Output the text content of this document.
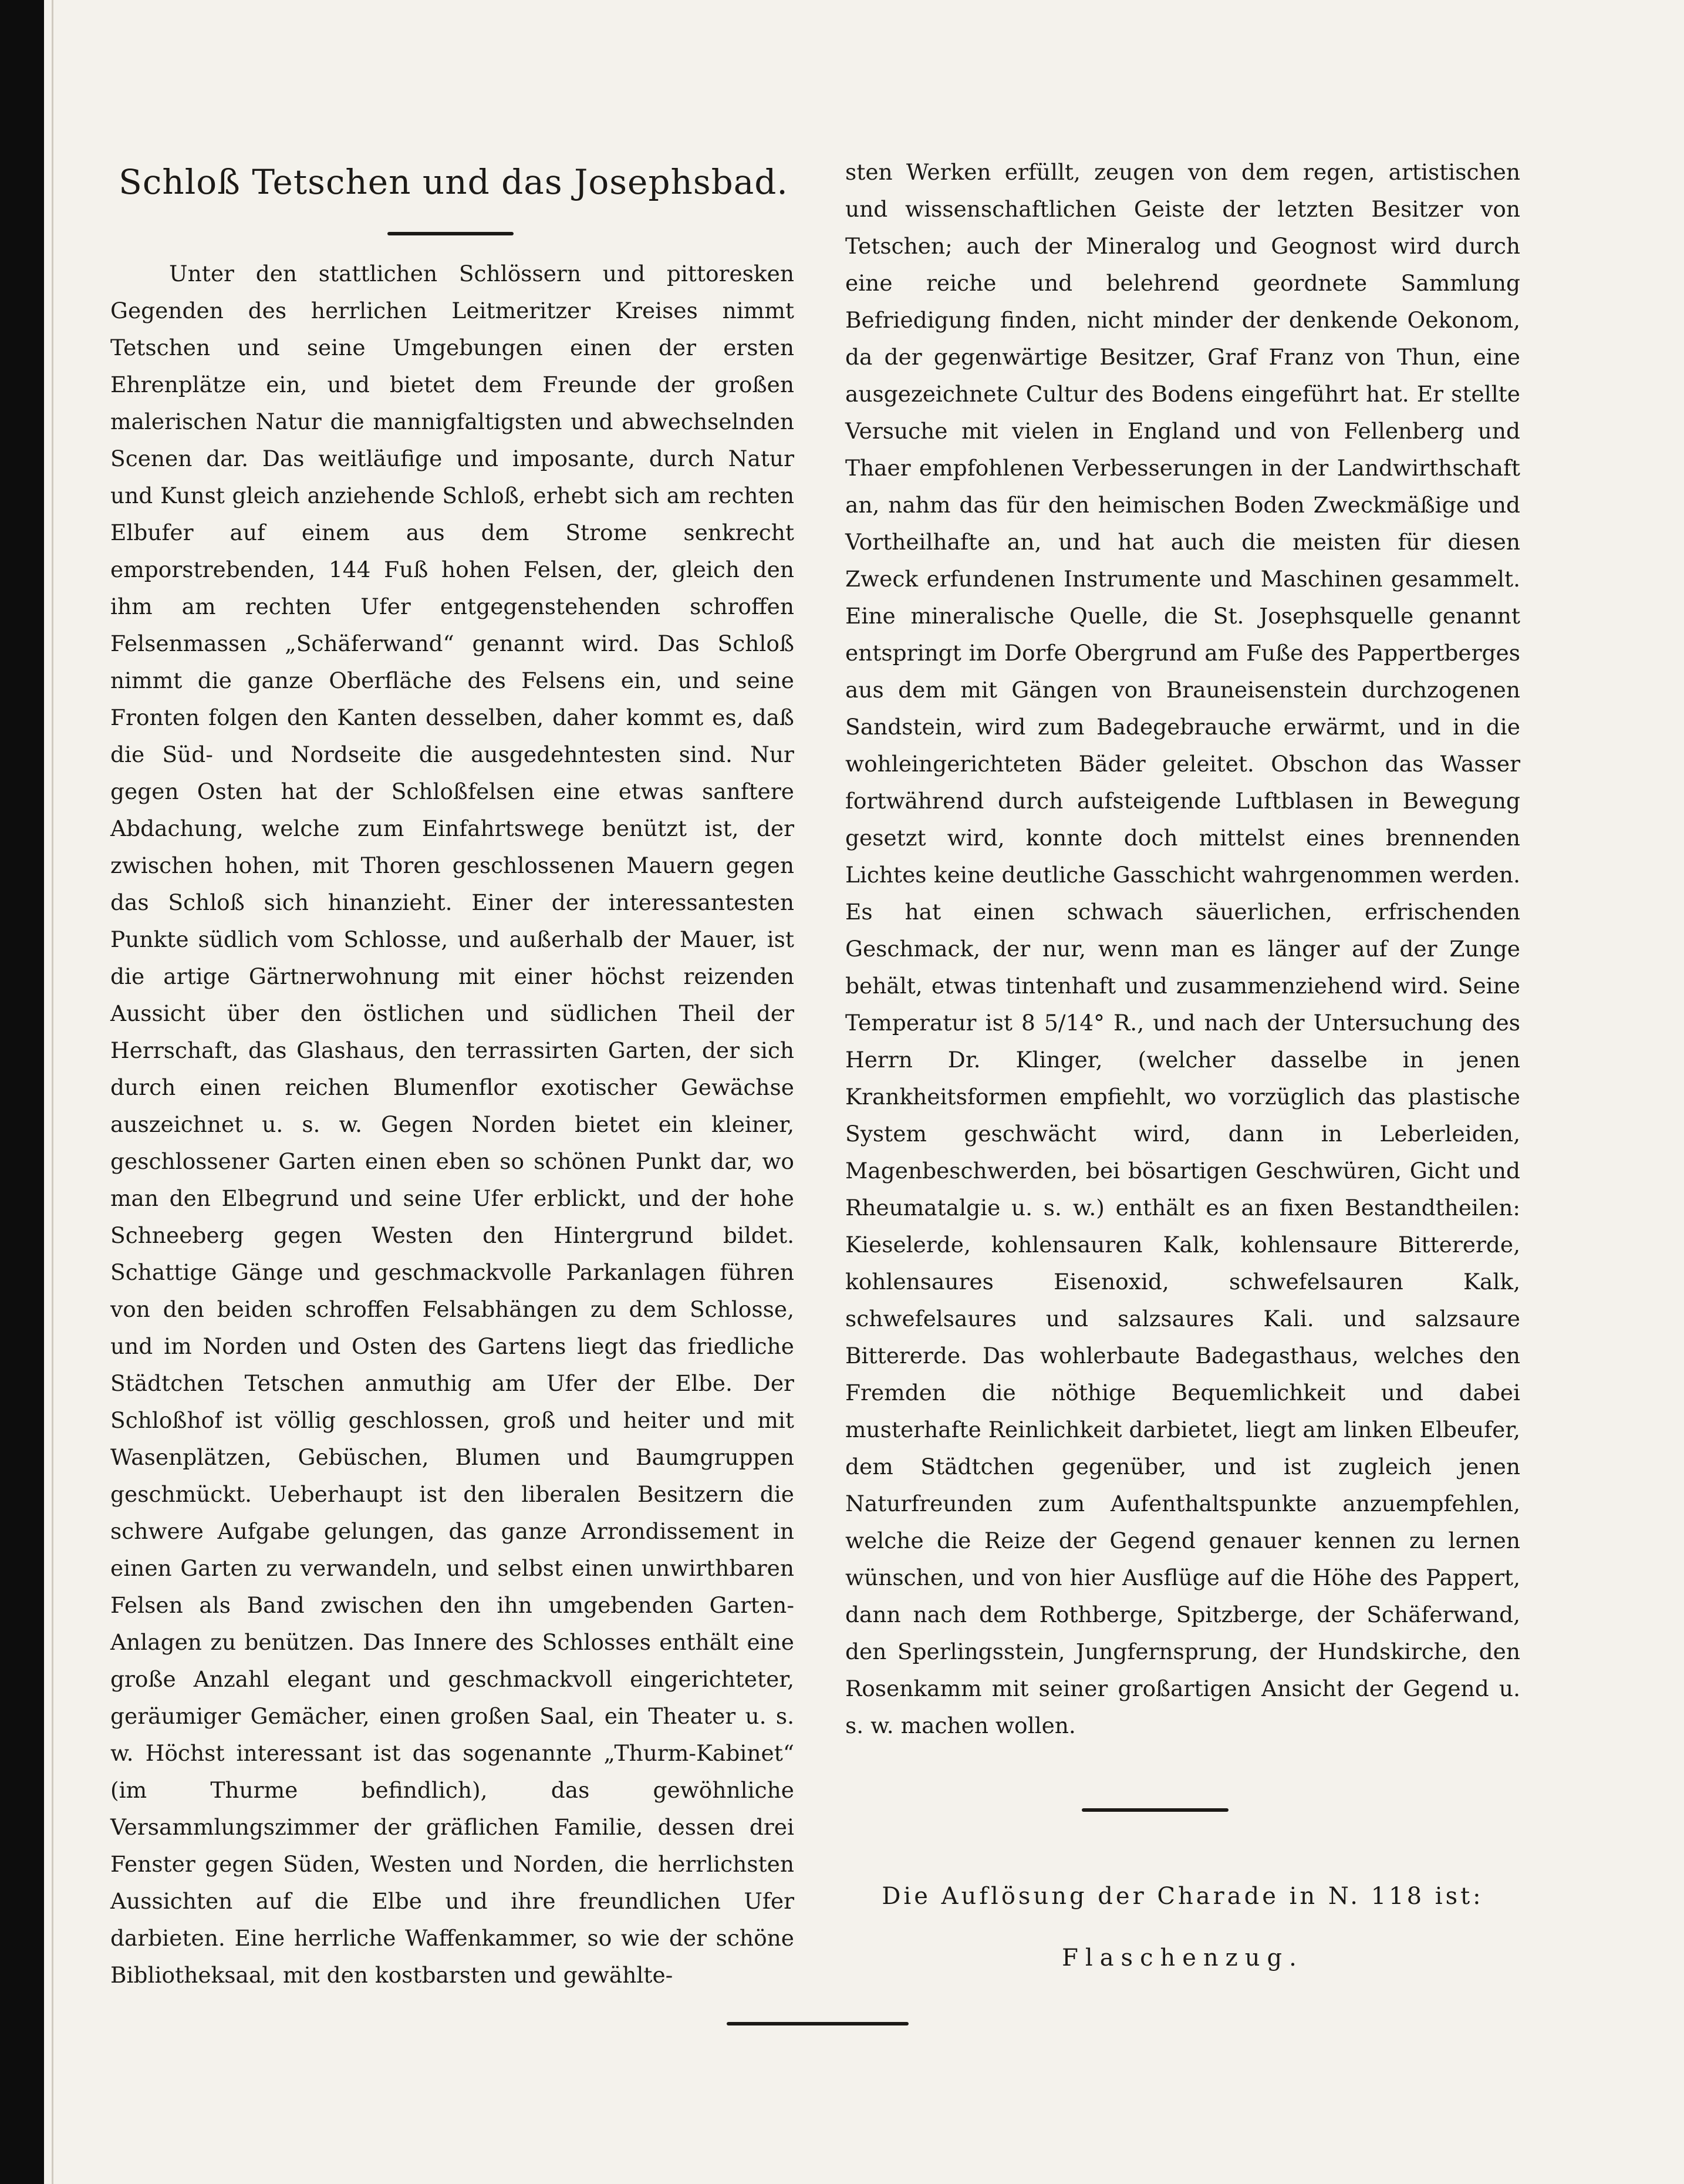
Schloß Tetschen und das Josephsbad.

Unter den stattlichen Schlössern und pittoresken Gegenden des herrlichen Leitmeritzer Kreises nimmt Tetschen und seine Umgebungen einen der ersten Ehrenplätze ein, und bietet dem Freunde der großen malerischen Natur die mannigfaltigsten und abwechselnden Scenen dar. Das weitläufige und imposante, durch Natur und Kunst gleich anziehende Schloß, erhebt sich am rechten Elbufer auf einem aus dem Strome senkrecht emporstrebenden, 144 Fuß hohen Felsen, der, gleich den ihm am rechten Ufer entgegenstehenden schroffen Felsenmassen „Schäferwand“ genannt wird. Das Schloß nimmt die ganze Oberfläche des Felsens ein, und seine Fronten folgen den Kanten desselben, daher kommt es, daß die Süd- und Nordseite die ausgedehntesten sind. Nur gegen Osten hat der Schloßfelsen eine etwas sanftere Abdachung, welche zum Einfahrtswege benützt ist, der zwischen hohen, mit Thoren geschlossenen Mauern gegen das Schloß sich hinanzieht. Einer der interessantesten Punkte südlich vom Schlosse, und außerhalb der Mauer, ist die artige Gärtnerwohnung mit einer höchst reizenden Aussicht über den östlichen und südlichen Theil der Herrschaft, das Glashaus, den terrassirten Garten, der sich durch einen reichen Blumenflor exotischer Gewächse auszeichnet u. s. w. Gegen Norden bietet ein kleiner, geschlossener Garten einen eben so schönen Punkt dar, wo man den Elbegrund und seine Ufer erblickt, und der hohe Schneeberg gegen Westen den Hintergrund bildet. Schattige Gänge und geschmackvolle Parkanlagen führen von den beiden schroffen Felsabhängen zu dem Schlosse, und im Norden und Osten des Gartens liegt das friedliche Städtchen Tetschen anmuthig am Ufer der Elbe. Der Schloßhof ist völlig geschlossen, groß und heiter und mit Wasenplätzen, Gebüschen, Blumen und Baumgruppen geschmückt. Ueberhaupt ist den liberalen Besitzern die schwere Aufgabe gelungen, das ganze Arrondissement in einen Garten zu verwandeln, und selbst einen unwirthbaren Felsen als Band zwischen den ihn umgebenden Garten-Anlagen zu benützen. Das Innere des Schlosses enthält eine große Anzahl elegant und geschmackvoll eingerichteter, geräumiger Gemächer, einen großen Saal, ein Theater u. s. w. Höchst interessant ist das sogenannte „Thurm-Kabinet“ (im Thurme befindlich), das gewöhnliche Versammlungszimmer der gräflichen Familie, dessen drei Fenster gegen Süden, Westen und Norden, die herrlichsten Aussichten auf die Elbe und ihre freundlichen Ufer darbieten. Eine herrliche Waffenkammer, so wie der schöne Bibliotheksaal, mit den kostbarsten und gewählte-

sten Werken erfüllt, zeugen von dem regen, artistischen und wissenschaftlichen Geiste der letzten Besitzer von Tetschen; auch der Mineralog und Geognost wird durch eine reiche und belehrend geordnete Sammlung Befriedigung finden, nicht minder der denkende Oekonom, da der gegenwärtige Besitzer, Graf Franz von Thun, eine ausgezeichnete Cultur des Bodens eingeführt hat. Er stellte Versuche mit vielen in England und von Fellenberg und Thaer empfohlenen Verbesserungen in der Landwirthschaft an, nahm das für den heimischen Boden Zweckmäßige und Vortheilhafte an, und hat auch die meisten für diesen Zweck erfundenen Instrumente und Maschinen gesammelt. Eine mineralische Quelle, die St. Josephsquelle genannt entspringt im Dorfe Obergrund am Fuße des Pappertberges aus dem mit Gängen von Brauneisenstein durchzogenen Sandstein, wird zum Badegebrauche erwärmt, und in die wohleingerichteten Bäder geleitet. Obschon das Wasser fortwährend durch aufsteigende Luftblasen in Bewegung gesetzt wird, konnte doch mittelst eines brennenden Lichtes keine deutliche Gasschicht wahrgenommen werden. Es hat einen schwach säuerlichen, erfrischenden Geschmack, der nur, wenn man es länger auf der Zunge behält, etwas tintenhaft und zusammenziehend wird. Seine Temperatur ist 8 5/14° R., und nach der Untersuchung des Herrn Dr. Klinger, (welcher dasselbe in jenen Krankheitsformen empfiehlt, wo vorzüglich das plastische System geschwächt wird, dann in Leberleiden, Magenbeschwerden, bei bösartigen Geschwüren, Gicht und Rheumatalgie u. s. w.) enthält es an fixen Bestandtheilen: Kieselerde, kohlensauren Kalk, kohlensaure Bittererde, kohlensaures Eisenoxid, schwefelsauren Kalk, schwefelsaures und salzsaures Kali. und salzsaure Bittererde. Das wohlerbaute Badegasthaus, welches den Fremden die nöthige Bequemlichkeit und dabei musterhafte Reinlichkeit darbietet, liegt am linken Elbeufer, dem Städtchen gegenüber, und ist zugleich jenen Naturfreunden zum Aufenthaltspunkte anzuempfehlen, welche die Reize der Gegend genauer kennen zu lernen wünschen, und von hier Ausflüge auf die Höhe des Pappert, dann nach dem Rothberge, Spitzberge, der Schäferwand, den Sperlingsstein, Jungfernsprung, der Hundskirche, den Rosenkamm mit seiner großartigen Ansicht der Gegend u. s. w. machen wollen.

Die Auflösung der Charade in N. 118 ist:
Flaschenzug.
